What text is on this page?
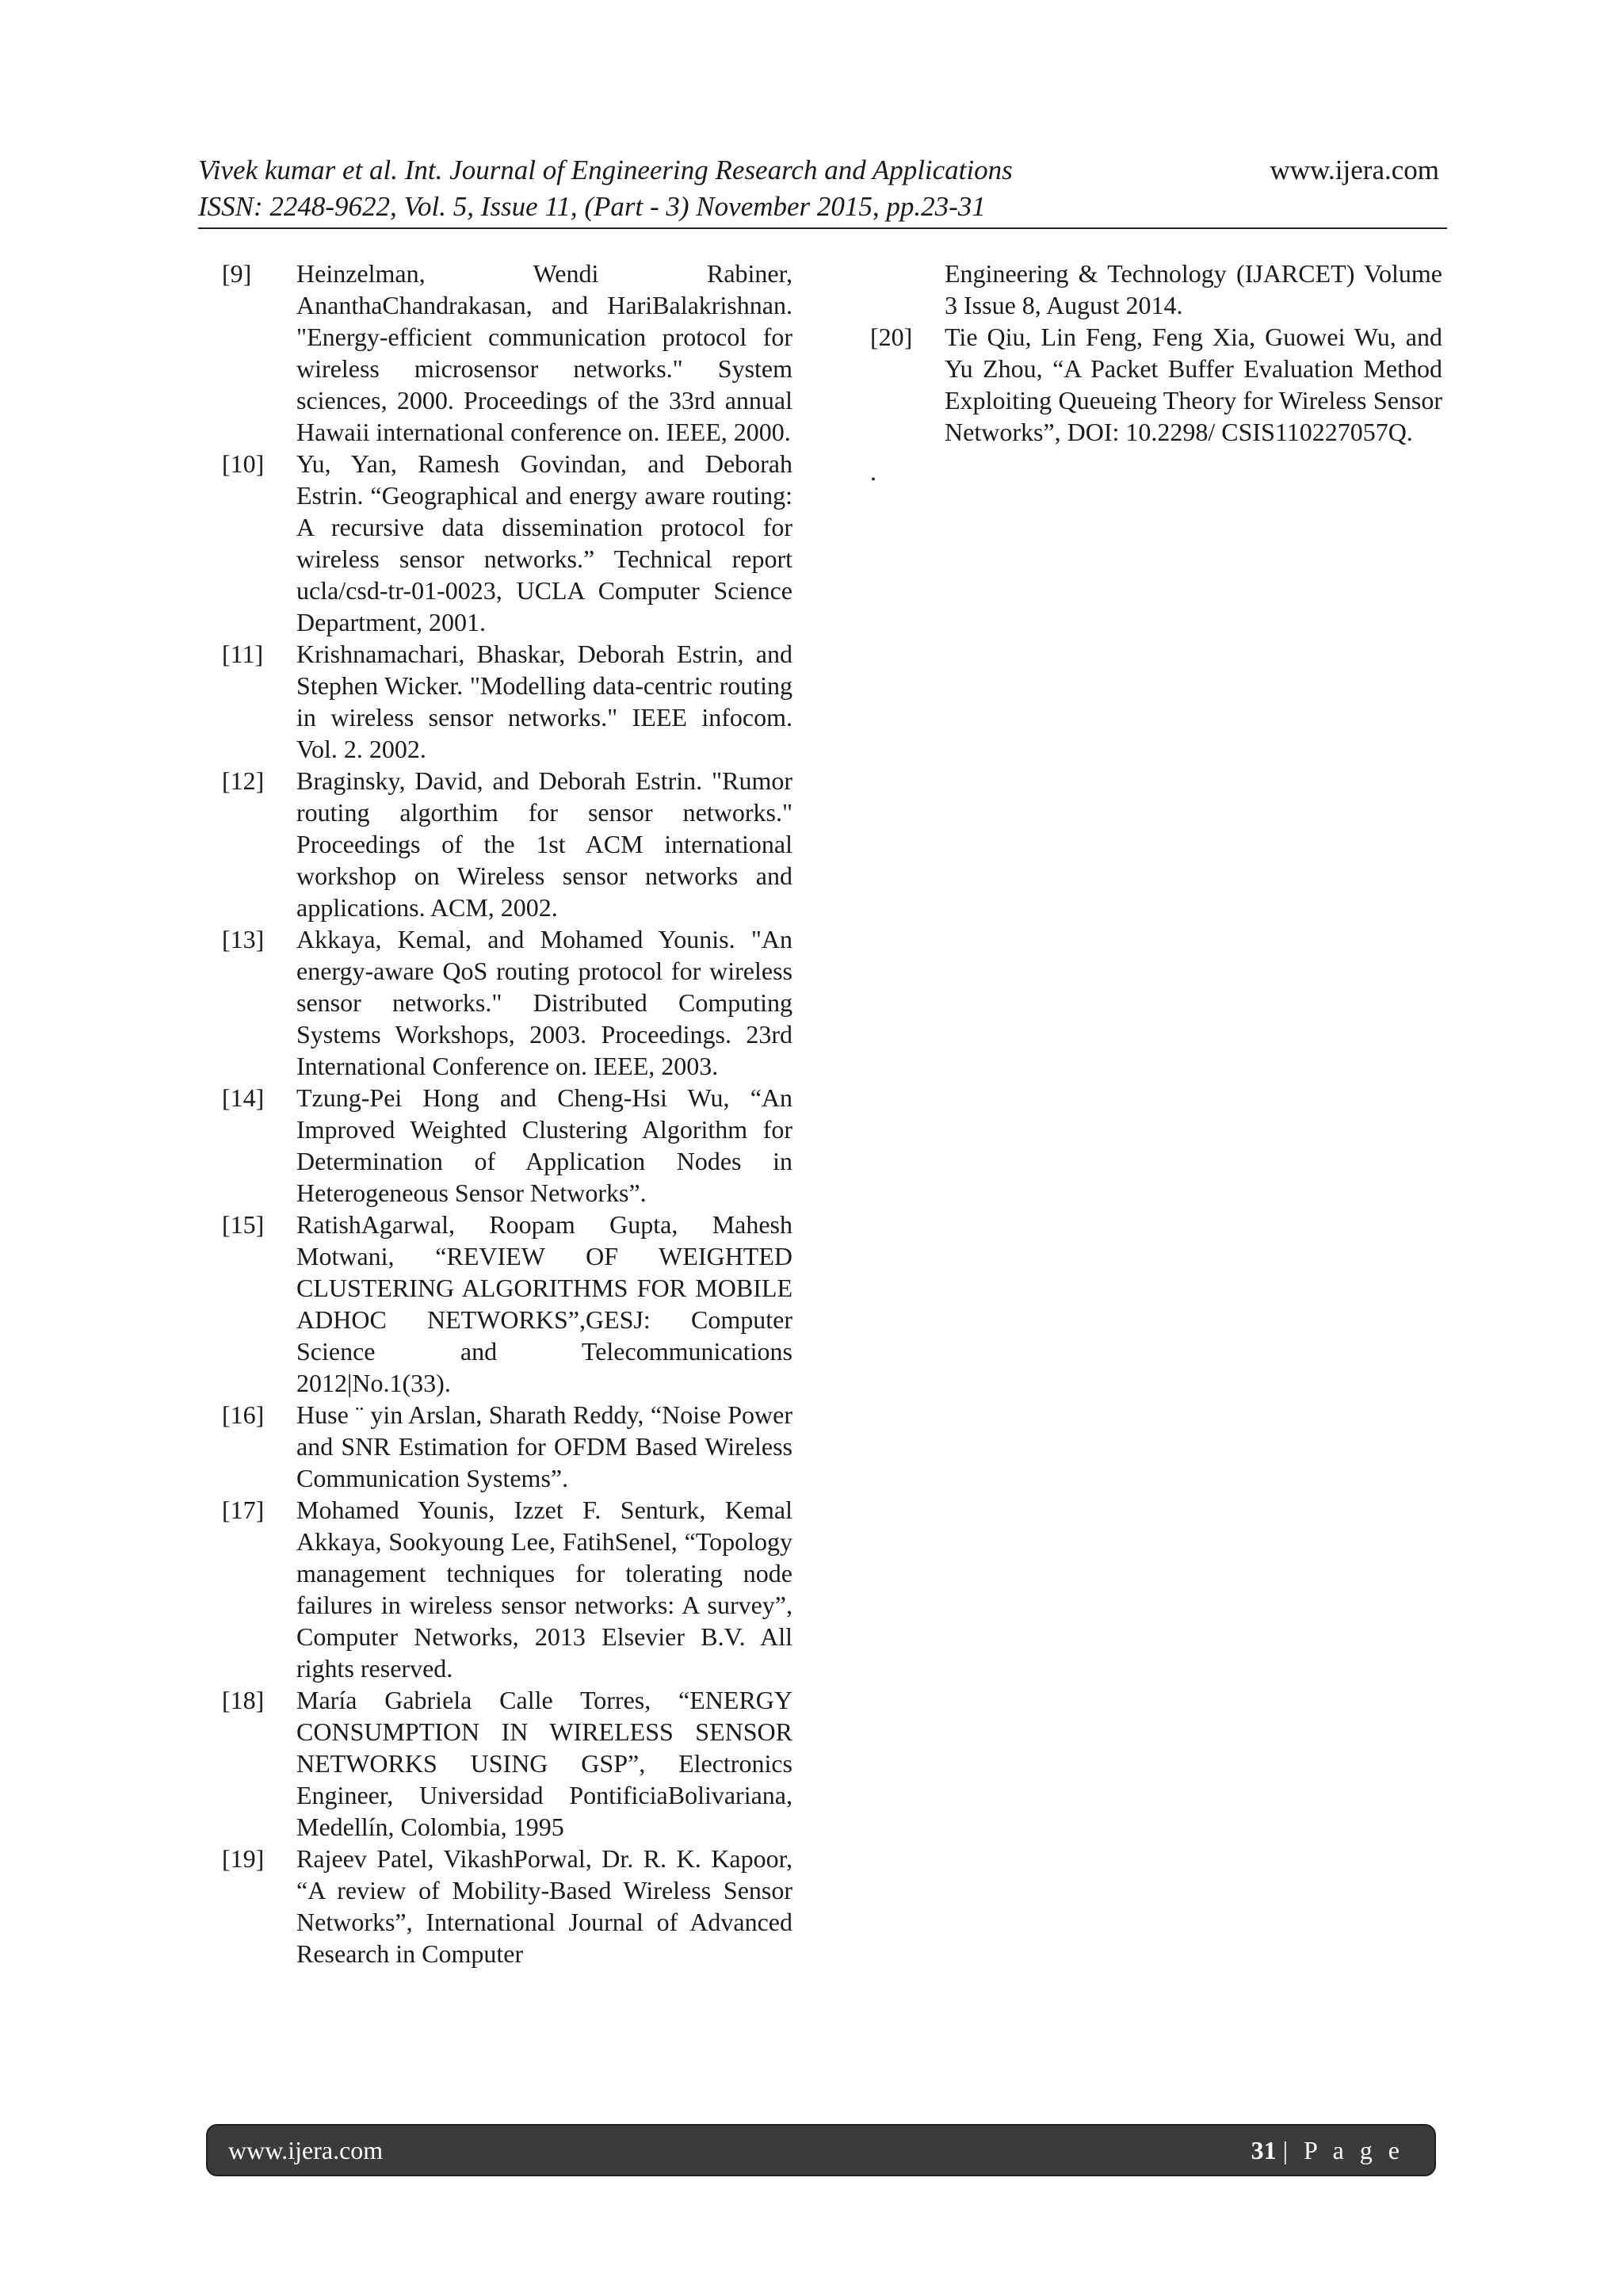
Vivek kumar et al. Int. Journal of Engineering Research and Applications	www.ijera.com
ISSN: 2248-9622, Vol. 5, Issue 11, (Part - 3) November 2015, pp.23-31
[9]	Heinzelman, Wendi Rabiner, AnanthaChandrakasan, and HariBalakrishnan. "Energy-efficient communication protocol for wireless microsensor networks." System sciences, 2000. Proceedings of the 33rd annual Hawaii international conference on. IEEE, 2000.
[10]	Yu, Yan, Ramesh Govindan, and Deborah Estrin. “Geographical and energy aware routing: A recursive data dissemination protocol for wireless sensor networks.” Technical report ucla/csd-tr-01-0023, UCLA Computer Science Department, 2001.
[11]	Krishnamachari, Bhaskar, Deborah Estrin, and Stephen Wicker. "Modelling data-centric routing in wireless sensor networks." IEEE infocom. Vol. 2. 2002.
[12]	Braginsky, David, and Deborah Estrin. "Rumor routing algorthim for sensor networks." Proceedings of the 1st ACM international workshop on Wireless sensor networks and applications. ACM, 2002.
[13]	Akkaya, Kemal, and Mohamed Younis. "An energy-aware QoS routing protocol for wireless sensor networks." Distributed Computing Systems Workshops, 2003. Proceedings. 23rd International Conference on. IEEE, 2003.
[14]	Tzung-Pei Hong and Cheng-Hsi Wu, “An Improved Weighted Clustering Algorithm for Determination of Application Nodes in Heterogeneous Sensor Networks”.
[15]	RatishAgarwal, Roopam Gupta, Mahesh Motwani, “REVIEW OF WEIGHTED CLUSTERING ALGORITHMS FOR MOBILE ADHOC NETWORKS”,GESJ: Computer Science and Telecommunications 2012|No.1(33).
[16]	Huse ¨ yin Arslan, Sharath Reddy, “Noise Power and SNR Estimation for OFDM Based Wireless Communication Systems”.
[17]	Mohamed Younis, Izzet F. Senturk, Kemal Akkaya, Sookyoung Lee, FatihSenel, “Topology management techniques for tolerating node failures in wireless sensor networks: A survey”, Computer Networks, 2013 Elsevier B.V. All rights reserved.
[18]	María Gabriela Calle Torres, “ENERGY CONSUMPTION IN WIRELESS SENSOR NETWORKS USING GSP”, Electronics Engineer, Universidad PontificiaBolivariana, Medellín, Colombia, 1995
[19]	Rajeev Patel, VikashPorwal, Dr. R. K. Kapoor, “A review of Mobility-Based Wireless Sensor Networks”, International Journal of Advanced Research in Computer
Engineering & Technology (IJARCET) Volume 3 Issue 8, August 2014.
[20]	Tie Qiu, Lin Feng, Feng Xia, Guowei Wu, and Yu Zhou, “A Packet Buffer Evaluation Method Exploiting Queueing Theory for Wireless Sensor Networks”, DOI: 10.2298/ CSIS110227057Q.
.
www.ijera.com	31 | P a g e
